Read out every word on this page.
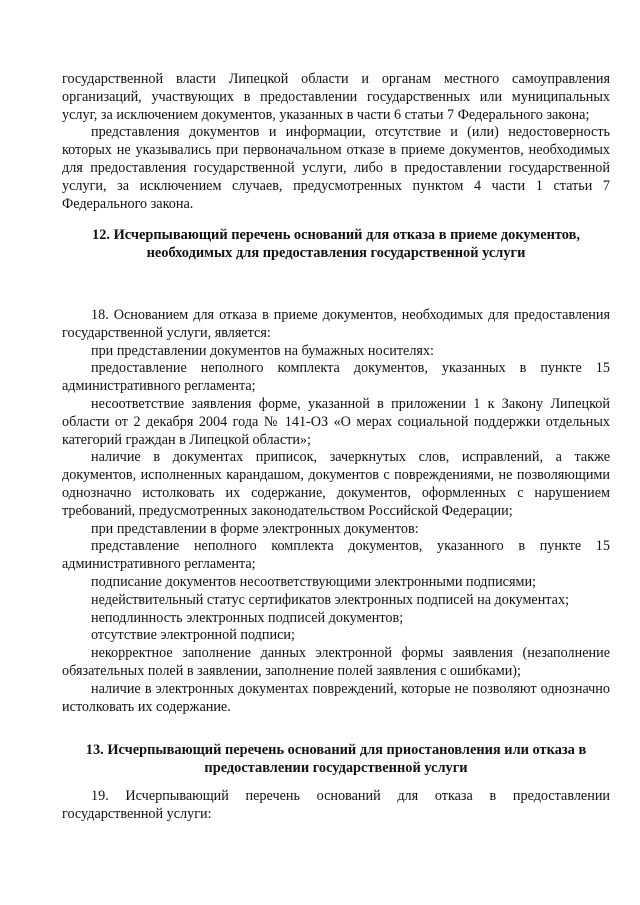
государственной власти Липецкой области и органам местного самоуправления организаций, участвующих в предоставлении государственных или муниципальных услуг, за исключением документов, указанных в части 6 статьи 7 Федерального закона;

представления документов и информации, отсутствие и (или) недостоверность которых не указывались при первоначальном отказе в приеме документов, необходимых для предоставления государственной услуги, либо в предоставлении государственной услуги, за исключением случаев, предусмотренных пунктом 4 части 1 статьи 7 Федерального закона.

12. Исчерпывающий перечень оснований для отказа в приеме документов, необходимых для предоставления государственной услуги

18. Основанием для отказа в приеме документов, необходимых для предоставления государственной услуги, является:

при представлении документов на бумажных носителях:

предоставление неполного комплекта документов, указанных в пункте 15 административного регламента;

несоответствие заявления форме, указанной в приложении 1 к Закону Липецкой области от 2 декабря 2004 года № 141-ОЗ «О мерах социальной поддержки отдельных категорий граждан в Липецкой области»;

наличие в документах приписок, зачеркнутых слов, исправлений, а также документов, исполненных карандашом, документов с повреждениями, не позволяющими однозначно истолковать их содержание, документов, оформленных с нарушением требований, предусмотренных законодательством Российской Федерации;

при представлении в форме электронных документов:

представление неполного комплекта документов, указанного в пункте 15 административного регламента;

подписание документов несоответствующими электронными подписями;

недействительный статус сертификатов электронных подписей на документах;

неподлинность электронных подписей документов;

отсутствие электронной подписи;

некорректное заполнение данных электронной формы заявления (незаполнение обязательных полей в заявлении, заполнение полей заявления с ошибками);

наличие в электронных документах повреждений, которые не позволяют однозначно истолковать их содержание.

13. Исчерпывающий перечень оснований для приостановления или отказа в предоставлении государственной услуги

19. Исчерпывающий перечень оснований для отказа в предоставлении государственной услуги:
